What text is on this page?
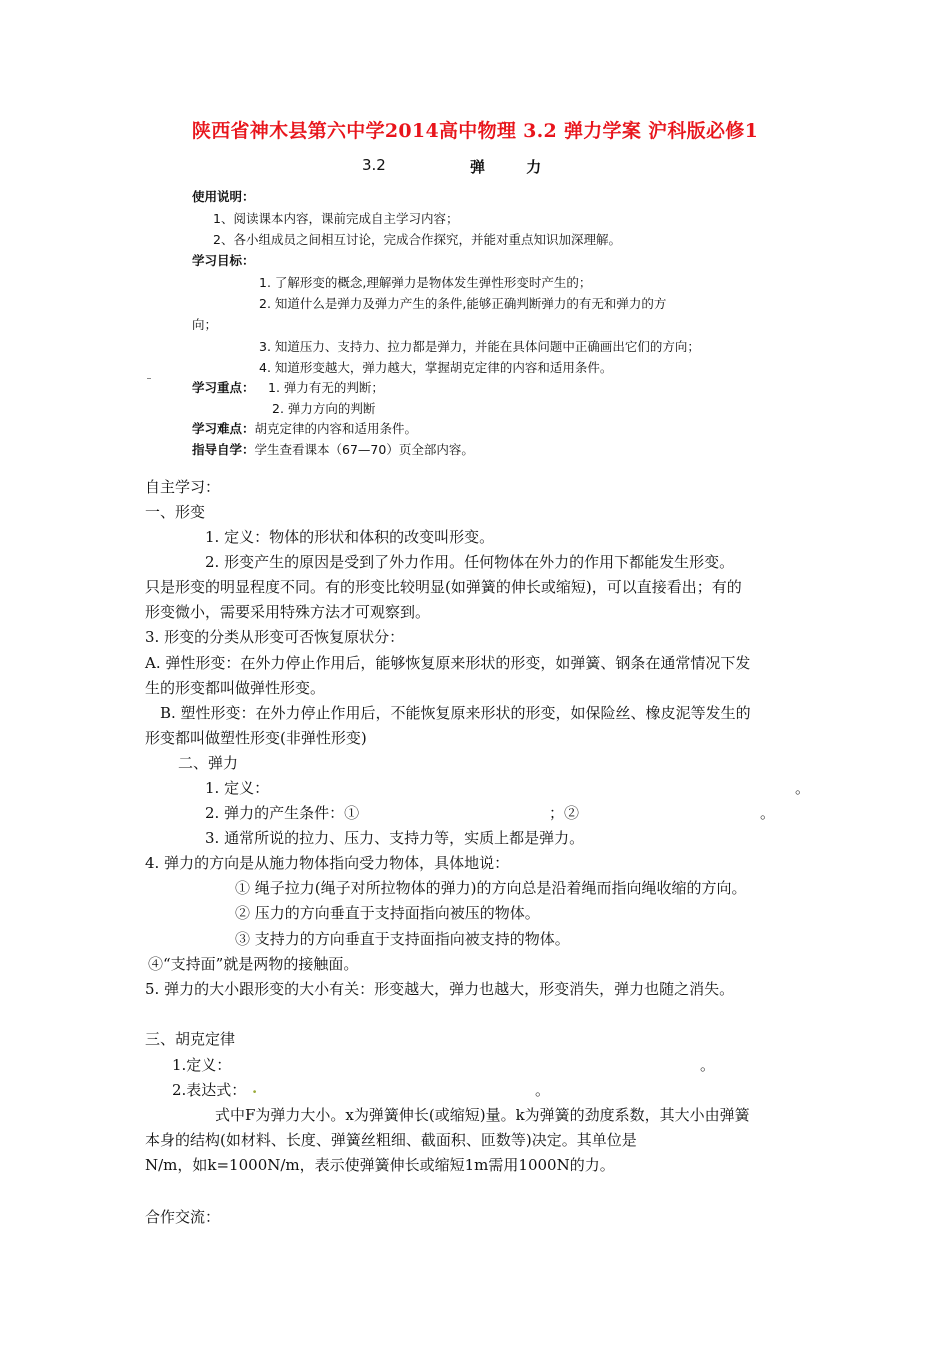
陕西省神木县第六中学2014高中物理 3.2 弹力学案 沪科版必修1
3.2	弹 力
使用说明：
1、阅读课本内容，课前完成自主学习内容；
2、各小组成员之间相互讨论，完成合作探究，并能对重点知识加深理解。
学习目标：
1. 了解形变的概念,理解弹力是物体发生弹性形变时产生的；
2. 知道什么是弹力及弹力产生的条件,能够正确判断弹力的有无和弹力的方
向；
3. 知道压力、支持力、拉力都是弹力，并能在具体问题中正确画出它们的方向；
4. 知道形变越大，弹力越大，掌握胡克定律的内容和适用条件。
学习重点： 1. 弹力有无的判断；
2. 弹力方向的判断
学习难点：胡克定律的内容和适用条件。
指导自学：学生查看课本（67—70）页全部内容。
自主学习：
一、形变
1. 定义：物体的形状和体积的改变叫形变。
2. 形变产生的原因是受到了外力作用。任何物体在外力的作用下都能发生形变。
只是形变的明显程度不同。有的形变比较明显(如弹簧的伸长或缩短)，可以直接看出；有的
形变微小，需要采用特殊方法才可观察到。
3. 形变的分类从形变可否恢复原状分：
A. 弹性形变：在外力停止作用后，能够恢复原来形状的形变，如弹簧、钢条在通常情况下发
生的形变都叫做弹性形变。
B. 塑性形变：在外力停止作用后，不能恢复原来形状的形变，如保险丝、橡皮泥等发生的
形变都叫做塑性形变(非弹性形变)
二、弹力
1. 定义：	。
2. 弹力的产生条件：①	；②	。
3. 通常所说的拉力、压力、支持力等，实质上都是弹力。
4. 弹力的方向是从施力物体指向受力物体，具体地说：
① 绳子拉力(绳子对所拉物体的弹力)的方向总是沿着绳而指向绳收缩的方向。
② 压力的方向垂直于支持面指向被压的物体。
③ 支持力的方向垂直于支持面指向被支持的物体。
④“支持面”就是两物的接触面。
5. 弹力的大小跟形变的大小有关：形变越大，弹力也越大，形变消失，弹力也随之消失。
三、胡克定律
1.定义：	。
2.表达式： .	。
式中F为弹力大小。x为弹簧伸长(或缩短)量。k为弹簧的劲度系数，其大小由弹簧
本身的结构(如材料、长度、弹簧丝粗细、截面积、匝数等)决定。其单位是
N/m，如k=1000N/m，表示使弹簧伸长或缩短1m需用1000N的力。
合作交流：
